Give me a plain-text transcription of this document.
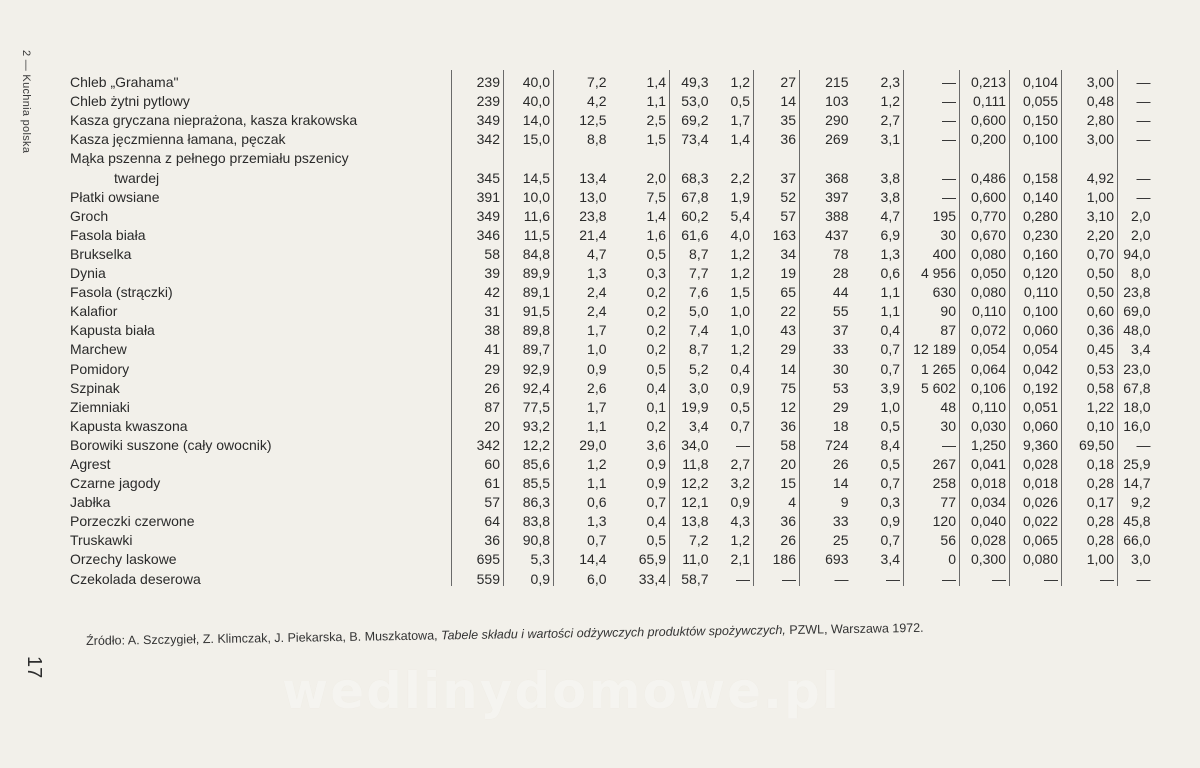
2 — Kuchnia polska
17
Chleb „Grahama"	239	40,0	7,2	1,4	49,3	1,2	27	215	2,3	—	0,213	0,104	3,00	—
Chleb żytni pytlowy	239	40,0	4,2	1,1	53,0	0,5	14	103	1,2	—	0,111	0,055	0,48	—
Kasza gryczana nieprażona, kasza krakowska	349	14,0	12,5	2,5	69,2	1,7	35	290	2,7	—	0,600	0,150	2,80	—
Kasza jęczmienna łamana, pęczak	342	15,0	8,8	1,5	73,4	1,4	36	269	3,1	—	0,200	0,100	3,00	—
Mąka pszenna z pełnego przemiału pszenicy														
twardej	345	14,5	13,4	2,0	68,3	2,2	37	368	3,8	—	0,486	0,158	4,92	—
Płatki owsiane	391	10,0	13,0	7,5	67,8	1,9	52	397	3,8	—	0,600	0,140	1,00	—
Groch	349	11,6	23,8	1,4	60,2	5,4	57	388	4,7	195	0,770	0,280	3,10	2,0
Fasola biała	346	11,5	21,4	1,6	61,6	4,0	163	437	6,9	30	0,670	0,230	2,20	2,0
Brukselka	58	84,8	4,7	0,5	8,7	1,2	34	78	1,3	400	0,080	0,160	0,70	94,0
Dynia	39	89,9	1,3	0,3	7,7	1,2	19	28	0,6	4 956	0,050	0,120	0,50	8,0
Fasola (strączki)	42	89,1	2,4	0,2	7,6	1,5	65	44	1,1	630	0,080	0,110	0,50	23,8
Kalafior	31	91,5	2,4	0,2	5,0	1,0	22	55	1,1	90	0,110	0,100	0,60	69,0
Kapusta biała	38	89,8	1,7	0,2	7,4	1,0	43	37	0,4	87	0,072	0,060	0,36	48,0
Marchew	41	89,7	1,0	0,2	8,7	1,2	29	33	0,7	12 189	0,054	0,054	0,45	3,4
Pomidory	29	92,9	0,9	0,5	5,2	0,4	14	30	0,7	1 265	0,064	0,042	0,53	23,0
Szpinak	26	92,4	2,6	0,4	3,0	0,9	75	53	3,9	5 602	0,106	0,192	0,58	67,8
Ziemniaki	87	77,5	1,7	0,1	19,9	0,5	12	29	1,0	48	0,110	0,051	1,22	18,0
Kapusta kwaszona	20	93,2	1,1	0,2	3,4	0,7	36	18	0,5	30	0,030	0,060	0,10	16,0
Borowiki suszone (cały owocnik)	342	12,2	29,0	3,6	34,0	—	58	724	8,4	—	1,250	9,360	69,50	—
Agrest	60	85,6	1,2	0,9	11,8	2,7	20	26	0,5	267	0,041	0,028	0,18	25,9
Czarne jagody	61	85,5	1,1	0,9	12,2	3,2	15	14	0,7	258	0,018	0,018	0,28	14,7
Jabłka	57	86,3	0,6	0,7	12,1	0,9	4	9	0,3	77	0,034	0,026	0,17	9,2
Porzeczki czerwone	64	83,8	1,3	0,4	13,8	4,3	36	33	0,9	120	0,040	0,022	0,28	45,8
Truskawki	36	90,8	0,7	0,5	7,2	1,2	26	25	0,7	56	0,028	0,065	0,28	66,0
Orzechy laskowe	695	5,3	14,4	65,9	11,0	2,1	186	693	3,4	0	0,300	0,080	1,00	3,0
Czekolada deserowa	559	0,9	6,0	33,4	58,7	—	—	—	—	—	—	—	—	—
Źródło: A. Szczygieł, Z. Klimczak, J. Piekarska, B. Muszkatowa, Tabele składu i wartości odżywczych produktów spożywczych, PZWL, Warszawa 1972.
wedlinydomowe.pl
